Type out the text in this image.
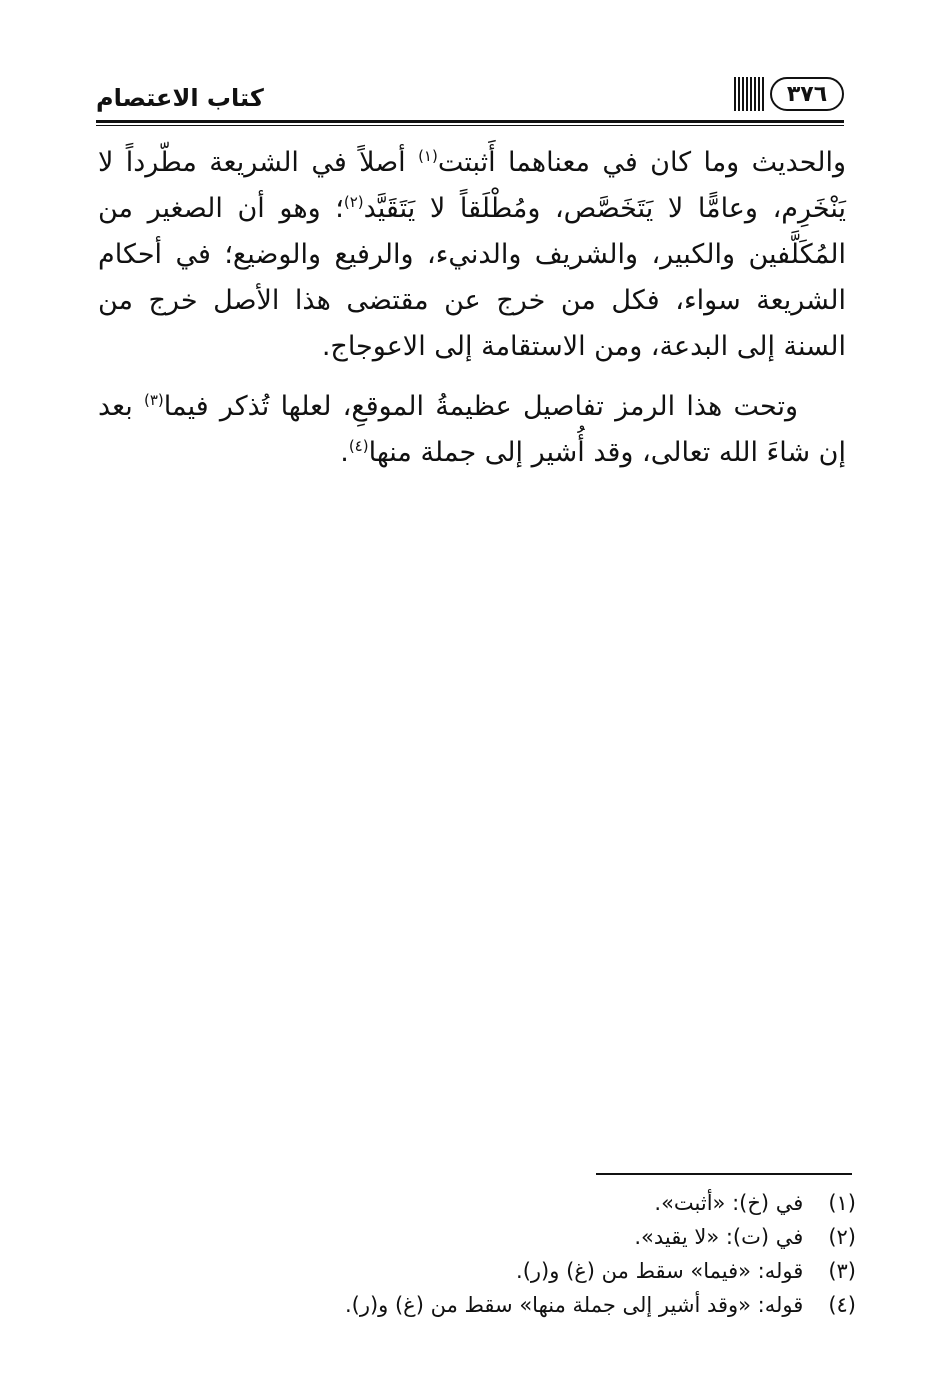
كتاب الاعتصام	٣٧٦

والحديث وما كان في معناهما أَثبتت$^{(١)}$ أصلاً في الشريعة مطّرداً لا يَنْخَرِم، وعامًّا لا يَتَخَصَّص، ومُطْلَقاً لا يَتَقَيَّد$^{(٢)}$؛ وهو أن الصغير من المُكَلَّفين والكبير، والشريف والدنيء، والرفيع والوضيع؛ في أحكام الشريعة سواء، فكل من خرج عن مقتضى هذا الأصل خرج من السنة إلى البدعة، ومن الاستقامة إلى الاعوجاج.

وتحت هذا الرمز تفاصيل عظيمةُ الموقعِ، لعلها تُذكر فيما$^{(٣)}$ بعد إن شاءَ الله تعالى، وقد أُشير إلى جملة منها$^{(٤)}$.

(١) في (خ): «أثبت».
(٢) في (ت): «لا يقيد».
(٣) قوله: «فيما» سقط من (غ) و(ر).
(٤) قوله: «وقد أشير إلى جملة منها» سقط من (غ) و(ر).
